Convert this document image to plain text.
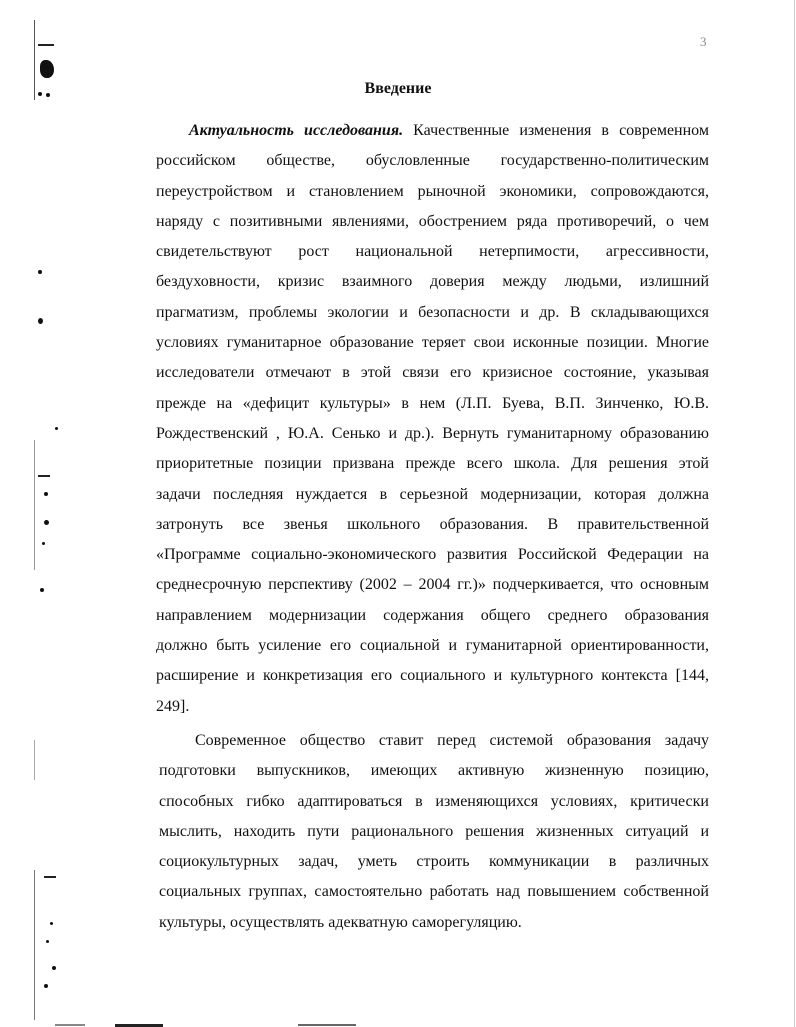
3
Введение
Актуальность исследования. Качественные изменения в современном
российском обществе, обусловленные государственно-политическим
переустройством и становлением рыночной экономики, сопровождаются,
наряду с позитивными явлениями, обострением ряда противоречий, о чем
свидетельствуют рост национальной нетерпимости, агрессивности,
бездуховности, кризис взаимного доверия между людьми, излишний
прагматизм, проблемы экологии и безопасности и др. В складывающихся
условиях гуманитарное образование теряет свои исконные позиции. Многие
исследователи отмечают в этой связи его кризисное состояние, указывая
прежде на «дефицит культуры» в нем (Л.П. Буева, В.П. Зинченко, Ю.В.
Рождественский , Ю.А. Сенько и др.). Вернуть гуманитарному образованию
приоритетные позиции призвана прежде всего школа. Для решения этой
задачи последняя нуждается в серьезной модернизации, которая должна
затронуть все звенья школьного образования. В правительственной
«Программе социально-экономического развития Российской Федерации на
среднесрочную перспективу (2002 – 2004 гг.)» подчеркивается, что основным
направлением модернизации содержания общего среднего образования
должно быть усиление его социальной и гуманитарной ориентированности,
расширение и конкретизация его социального и культурного контекста [144,
249].
Современное общество ставит перед системой образования задачу
подготовки выпускников, имеющих активную жизненную позицию,
способных гибко адаптироваться в изменяющихся условиях, критически
мыслить, находить пути рационального решения жизненных ситуаций и
социокультурных задач, уметь строить коммуникации в различных
социальных группах, самостоятельно работать над повышением собственной
культуры, осуществлять адекватную саморегуляцию.
